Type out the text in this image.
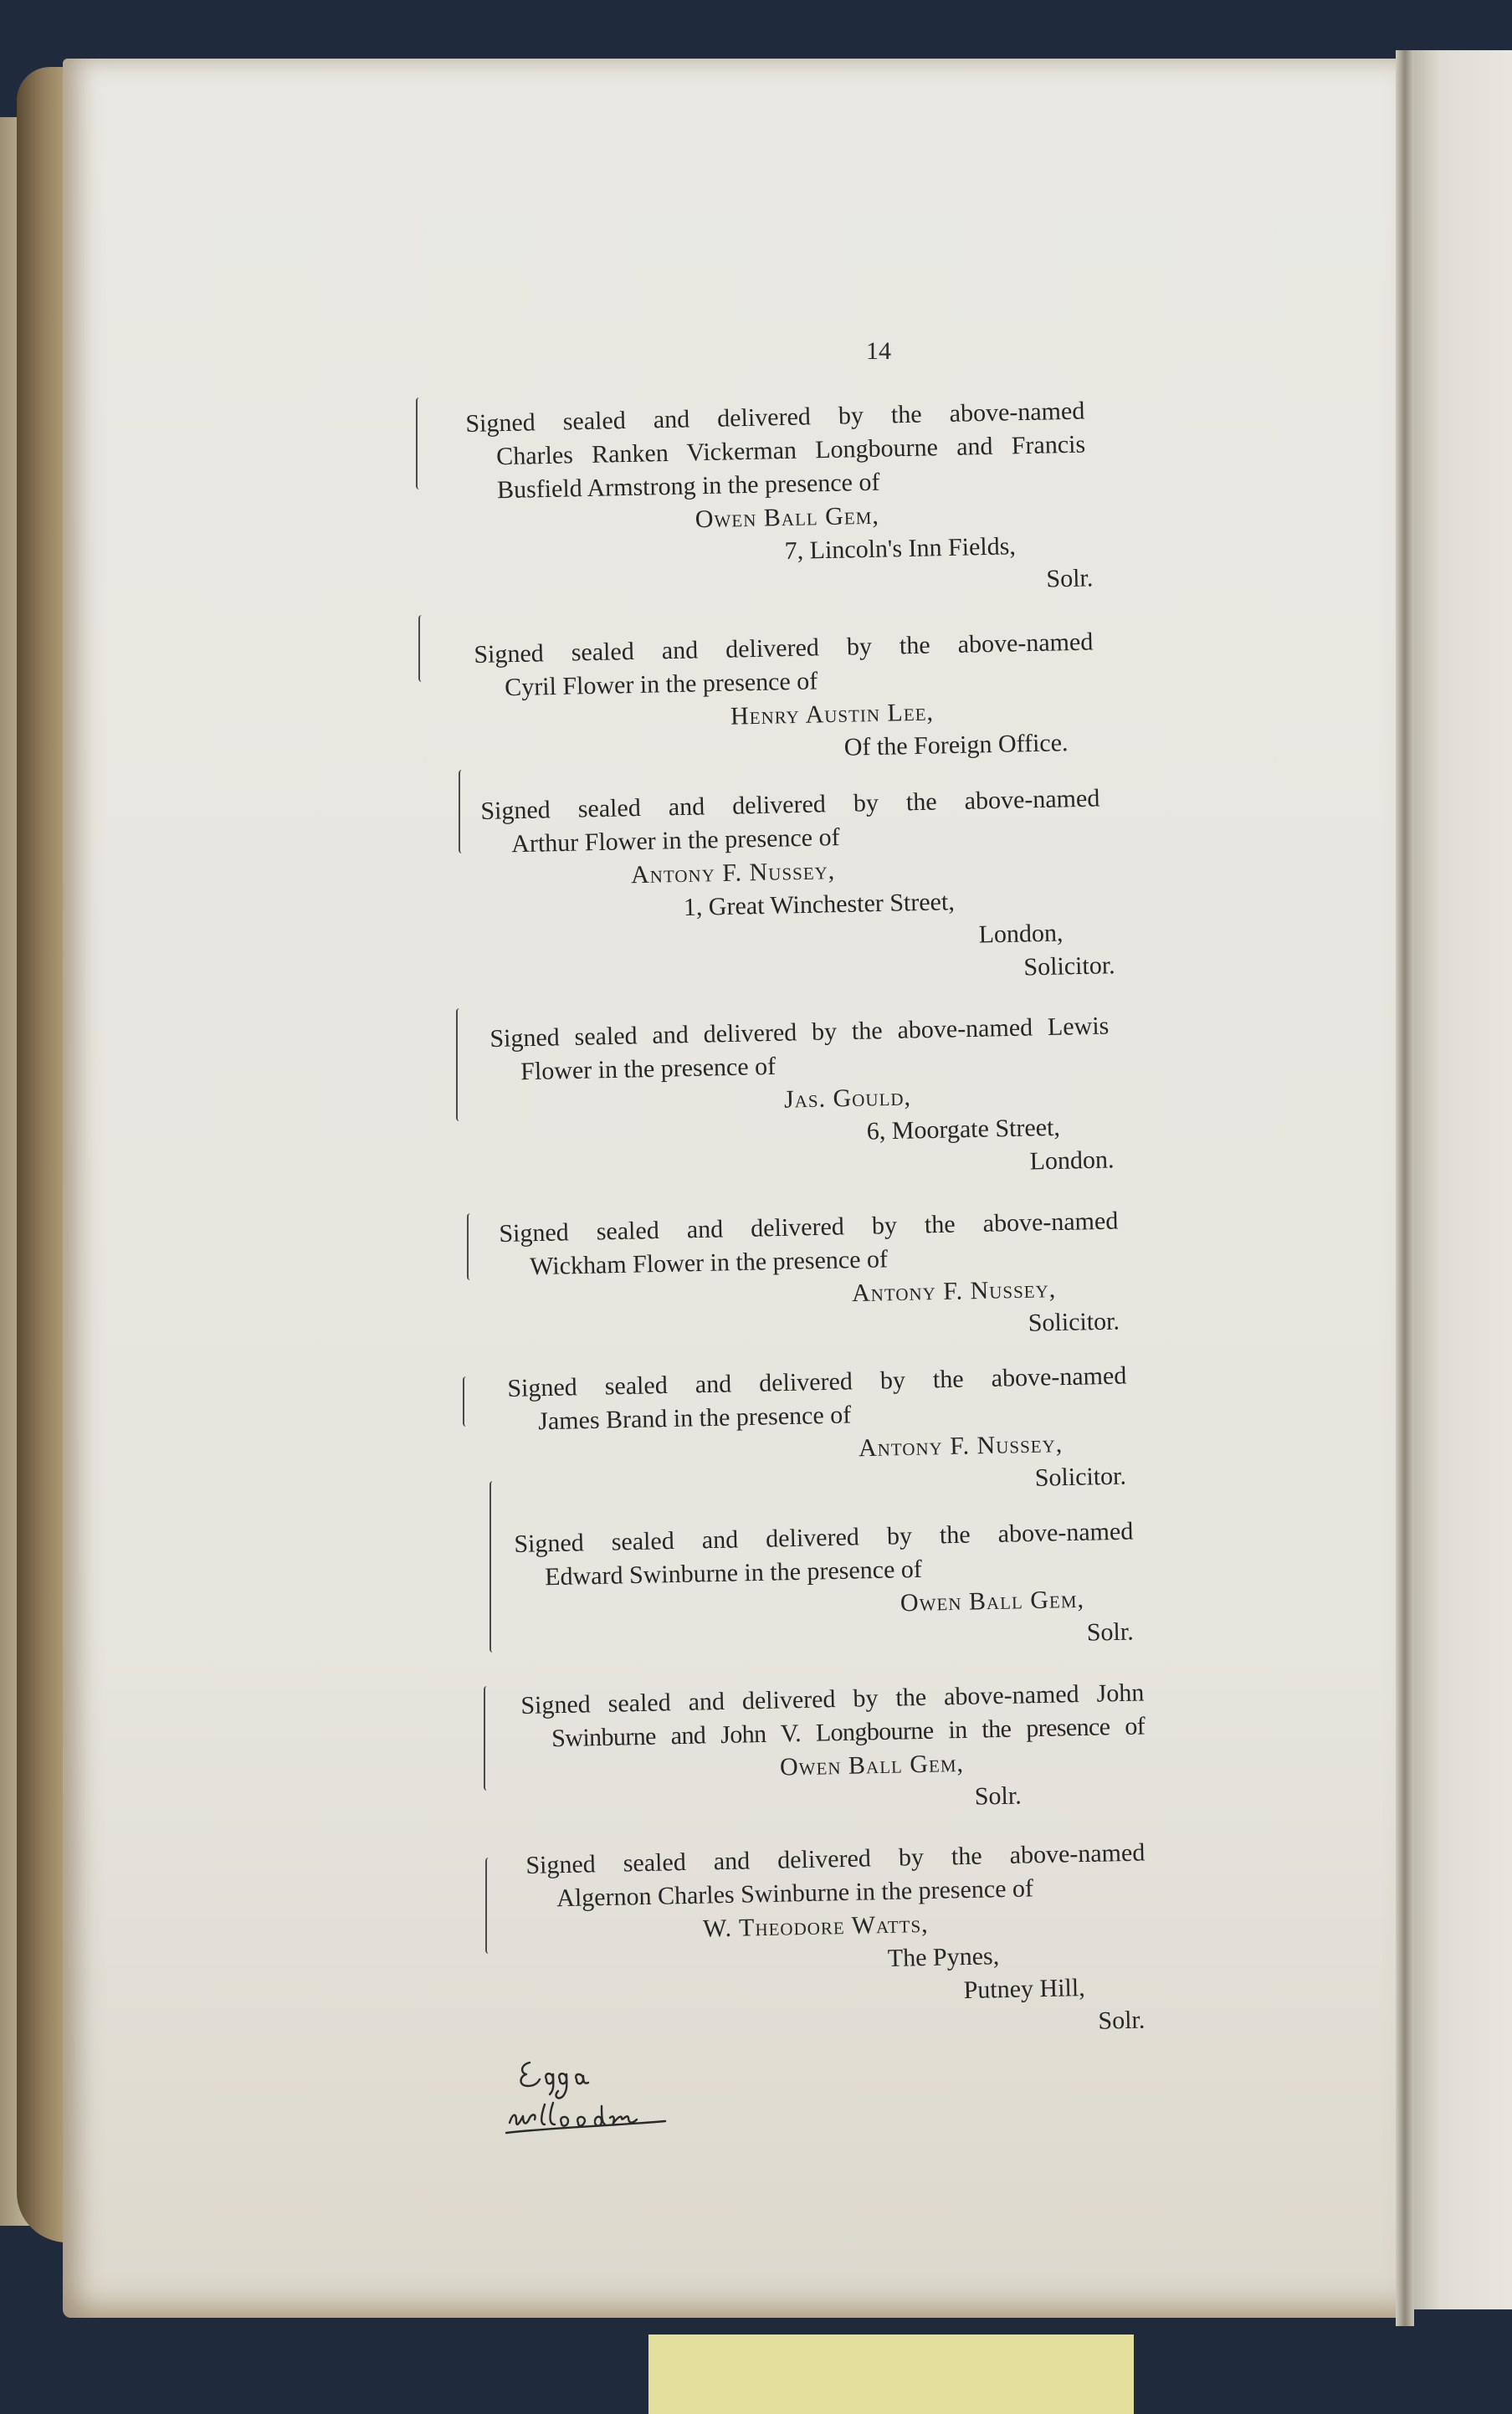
14
Signed sealed and delivered by the above-named
Charles Ranken Vickerman Longbourne and Francis
Busfield Armstrong in the presence of
Owen Ball Gem,
7, Lincoln's Inn Fields,
Solr.
Signed sealed and delivered by the above-named
Cyril Flower in the presence of
Henry Austin Lee,
Of the Foreign Office.
Signed sealed and delivered by the above-named
Arthur Flower in the presence of
Antony F. Nussey,
1, Great Winchester Street,
London,
Solicitor.
Signed sealed and delivered by the above-named Lewis
Flower in the presence of
Jas. Gould,
6, Moorgate Street,
London.
Signed sealed and delivered by the above-named
Wickham Flower in the presence of
Antony F. Nussey,
Solicitor.
Signed sealed and delivered by the above-named
James Brand in the presence of
Antony F. Nussey,
Solicitor.
Signed sealed and delivered by the above-named
Edward Swinburne in the presence of
Owen Ball Gem,
Solr.
Signed sealed and delivered by the above-named John
Swinburne and John V. Longbourne in the presence of
Owen Ball Gem,
Solr.
Signed sealed and delivered by the above-named
Algernon Charles Swinburne in the presence of
W. Theodore Watts,
The Pynes,
Putney Hill,
Solr.
